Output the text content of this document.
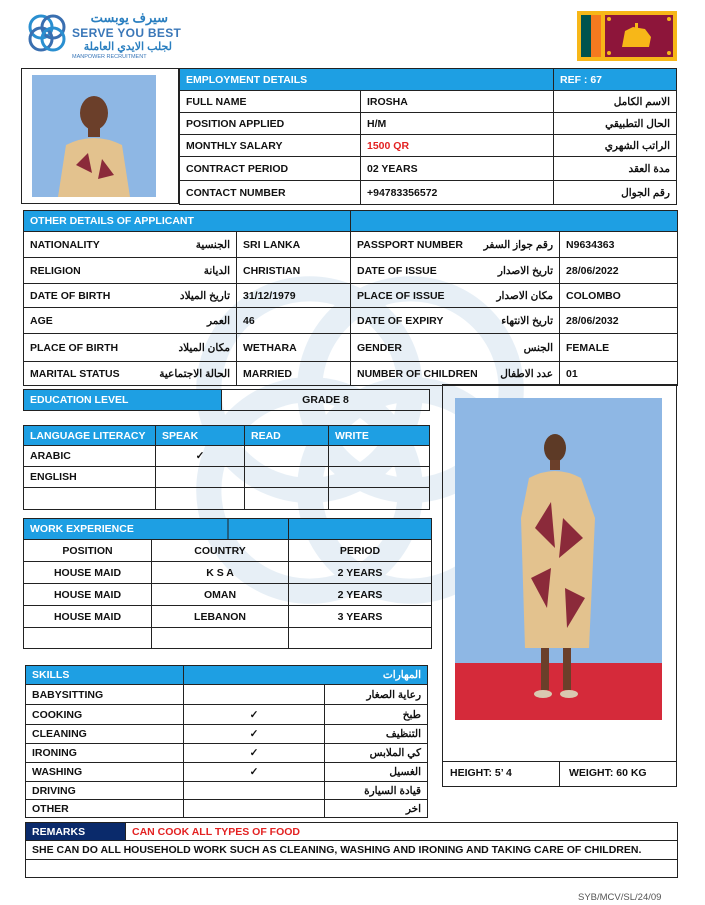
سيرف يوبست
SERVE YOU BEST
لجلب الايدي العاملة
MANPOWER RECRUITMENT
EMPLOYMENT DETAILS		REF : 67
FULL NAME	IROSHA	الاسم الكامل
POSITION APPLIED	H/M	الحال التطبيقي
MONTHLY SALARY	1500 QR	الراتب الشهري
CONTRACT PERIOD	02 YEARS	مدة العقد
CONTACT NUMBER	+94783356572	رقم الجوال
OTHER DETAILS OF APPLICANT			

NATIONALITY الجنسية	SRI LANKA	PASSPORT NUMBER رقم جواز السفر	N9634363

RELIGION الديانة	CHRISTIAN	DATE OF ISSUE تاريخ الاصدار	28/06/2022

DATE OF BIRTH تاريخ الميلاد	31/12/1979	PLACE OF ISSUE مكان الاصدار	COLOMBO

AGE العمر	46	DATE OF EXPIRY تاريخ الانتهاء	28/06/2032

PLACE OF BIRTH مكان الميلاد	WETHARA	GENDER الجنس	FEMALE

MARITAL STATUS الحالة الاجتماعية	MARRIED	NUMBER OF CHILDREN عدد الاطفال	01
EDUCATION LEVEL	GRADE 8
LANGUAGE LITERACY	SPEAK	READ	WRITE
ARABIC	✓		
ENGLISH			

WORK EXPERIENCE		
POSITION	COUNTRY	PERIOD
HOUSE MAID	K S A	2 YEARS
HOUSE MAID	OMAN	2 YEARS
HOUSE MAID	LEBANON	3 YEARS

SKILLS	المهارات	
BABYSITTING		رعاية الصغار
COOKING	✓	طبخ
CLEANING	✓	التنظيف
IRONING	✓	كي الملابس
WASHING	✓	الغسيل
DRIVING		قيادة السيارة
OTHER		اخر
HEIGHT: 5’ 4	WEIGHT: 60 KG
REMARKS	CAN COOK ALL TYPES OF FOOD
SHE CAN DO ALL HOUSEHOLD WORK SUCH AS CLEANING, WASHING AND IRONING AND TAKING CARE OF CHILDREN.

SYB/MCV/SL/24/09
